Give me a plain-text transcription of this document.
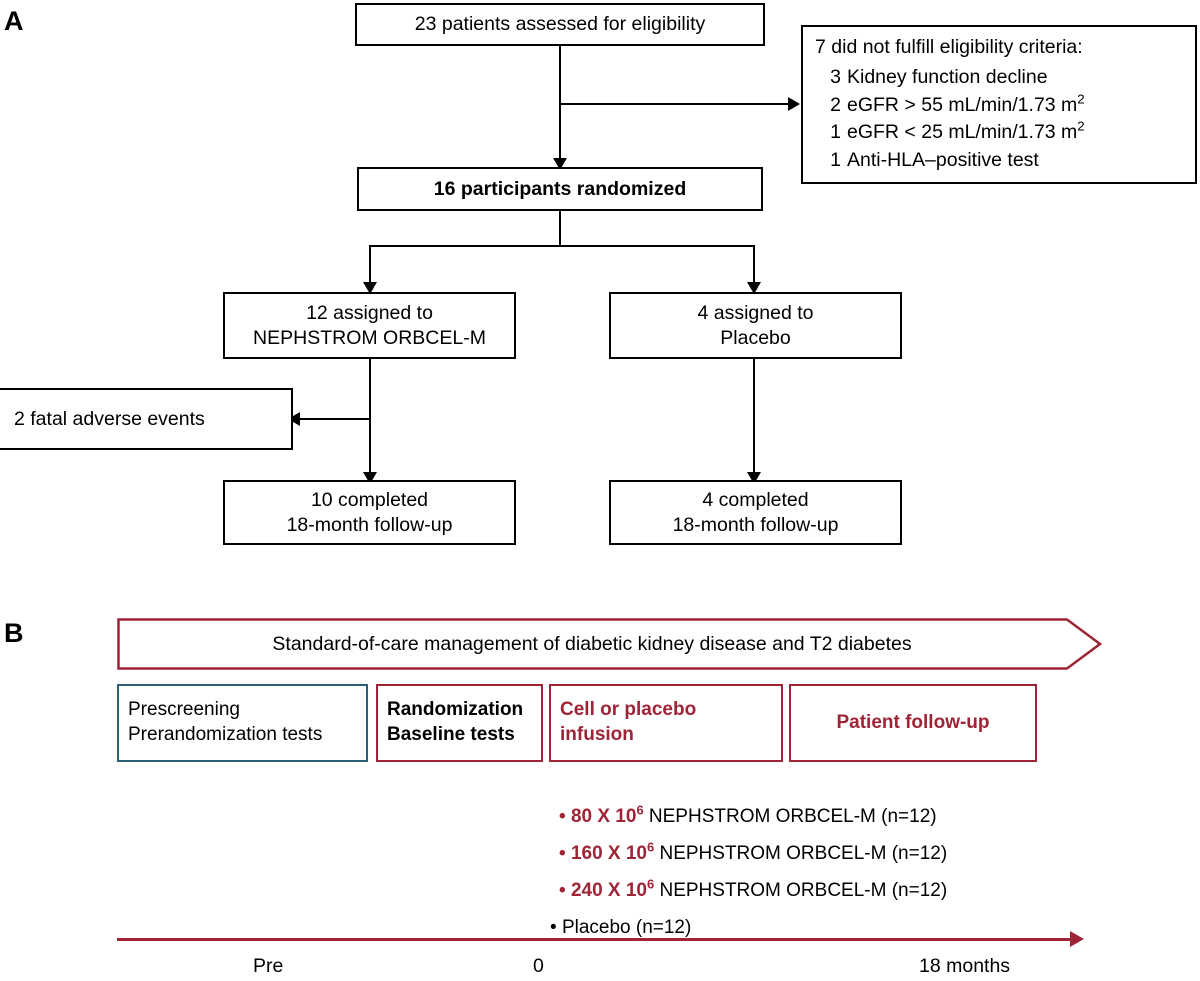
A	23 patients assessed for eligibility
7 did not fulfill eligibility criteria:
3 Kidney function decline
2 eGFR > 55 mL/min/1.73 $m^2$
1 eGFR < 25 mL/min/1.73 $m^2$
1 Anti-HLA–positive test
16 participants randomized
12 assigned to
NEPHSTROM ORBCEL-M
4 assigned to
Placebo
2 fatal adverse events
10 completed
18-month follow-up
4 completed
18-month follow-up
B	Standard-of-care management of diabetic kidney disease and T2 diabetes
Prescreening
Prerandomization tests
Randomization
Baseline tests
Cell or placebo
infusion
Patient follow-up
• 80 X $10^6$ NEPHSTROM ORBCEL-M (n=12)
• 160 X $10^6$ NEPHSTROM ORBCEL-M (n=12)
• 240 X $10^6$ NEPHSTROM ORBCEL-M (n=12)
• Placebo (n=12)
Pre	0	18 months
